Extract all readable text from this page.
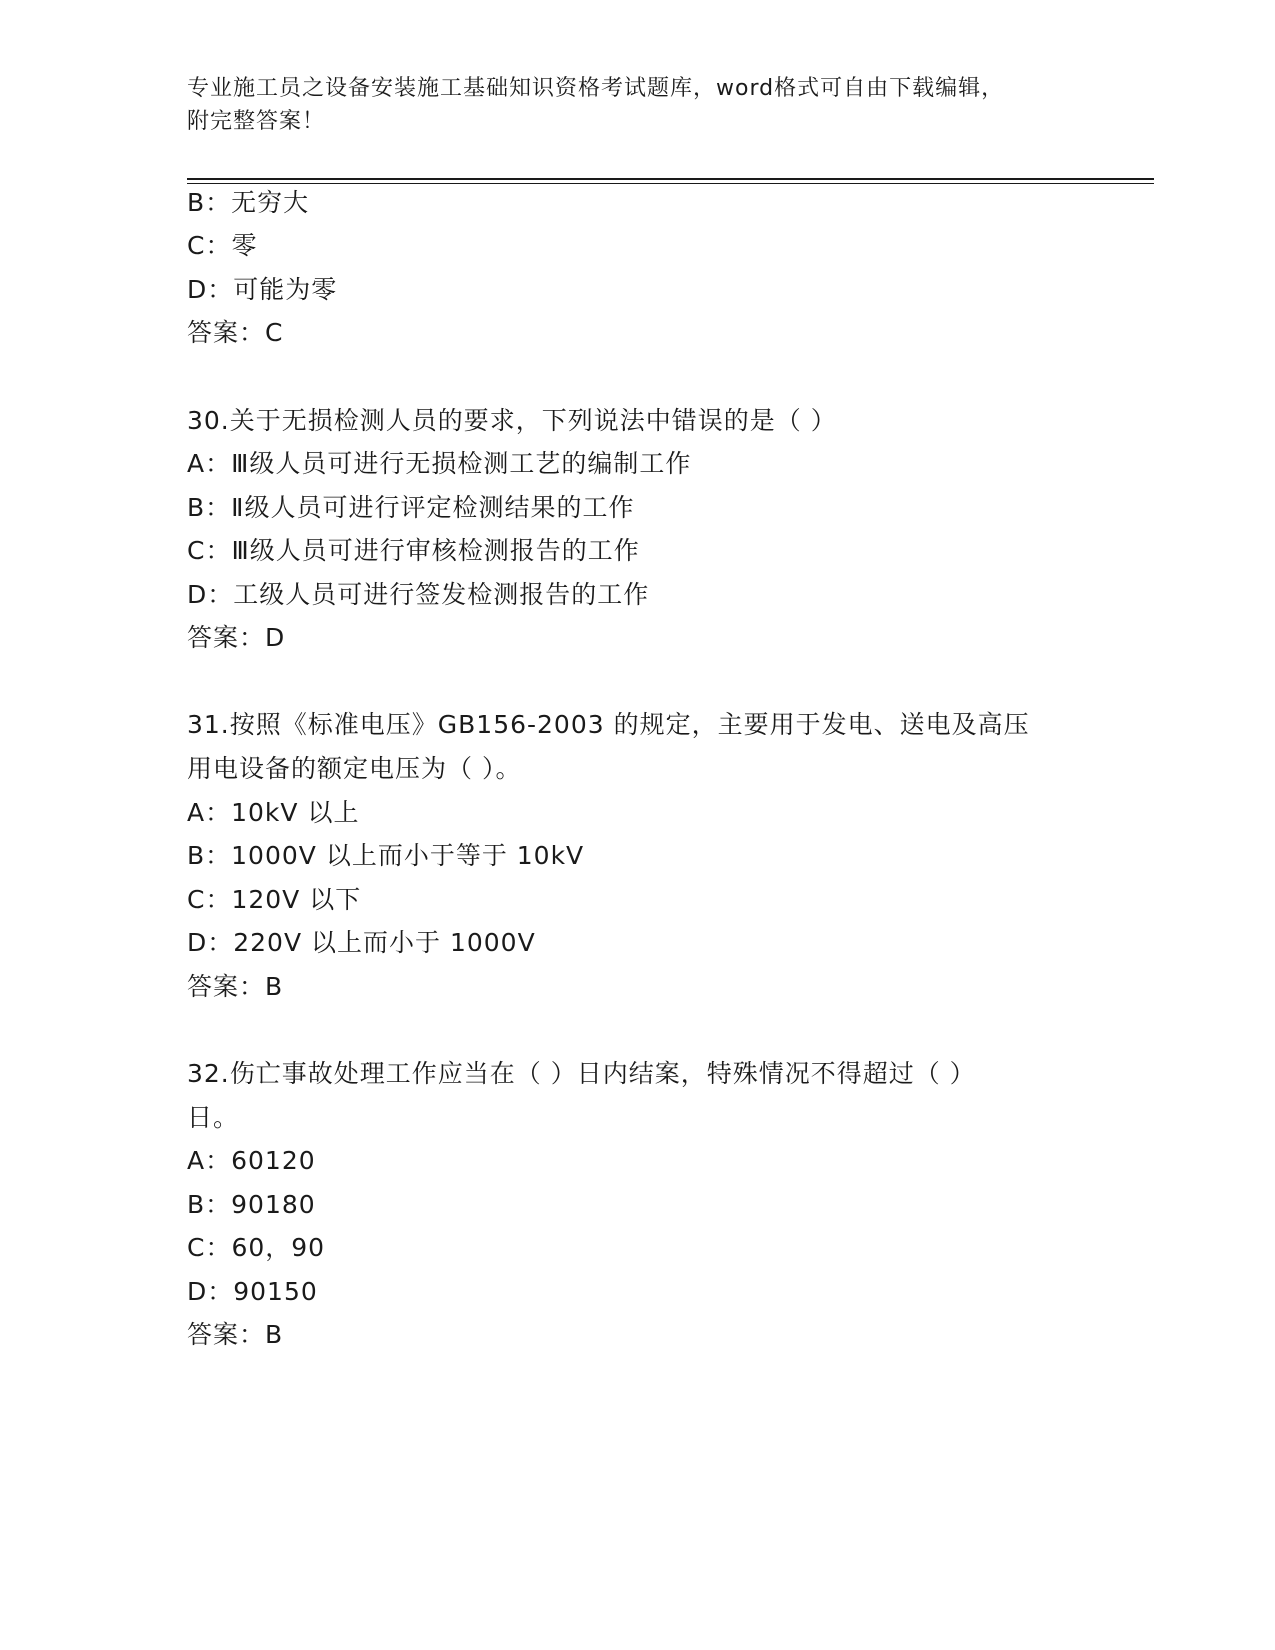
专业施工员之设备安装施工基础知识资格考试题库，word格式可自由下载编辑，
附完整答案！
B：无穷大
C：零
D：可能为零
答案：C
30.关于无损检测人员的要求，下列说法中错误的是（ ）
A：Ⅲ级人员可进行无损检测工艺的编制工作
B：Ⅱ级人员可进行评定检测结果的工作
C：Ⅲ级人员可进行审核检测报告的工作
D：工级人员可进行签发检测报告的工作
答案：D
31.按照《标准电压》GB156-2003 的规定，主要用于发电、送电及高压
用电设备的额定电压为（ ）。
A：10kV 以上
B：1000V 以上而小于等于 10kV
C：120V 以下
D：220V 以上而小于 1000V
答案：B
32.伤亡事故处理工作应当在（ ）日内结案，特殊情况不得超过（ ）
日。
A：60120
B：90180
C：60，90
D：90150
答案：B
